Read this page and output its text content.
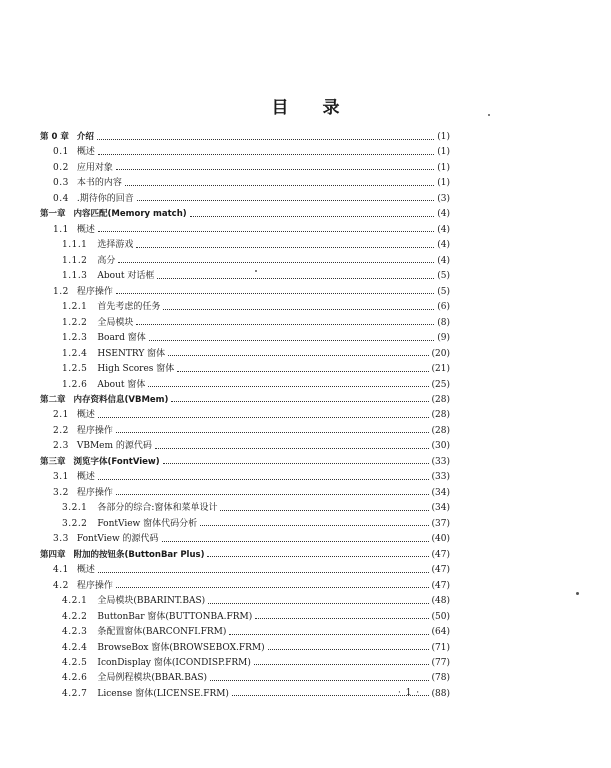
目 录
第 0 章 介绍	(1)
0.1 概述	(1)
0.2 应用对象	(1)
0.3 本书的内容	(1)
0.4 .期待你的回音	(3)
第一章 内容匹配(Memory match)	(4)
1.1 概述	(4)
1.1.1 选择游戏	(4)
1.1.2 高分	(4)
1.1.3 About 对话框	(5)
1.2 程序操作	(5)
1.2.1 首先考虑的任务	(6)
1.2.2 全局模块	(8)
1.2.3 Board 窗体	(9)
1.2.4 HSENTRY 窗体	(20)
1.2.5 High Scores 窗体	(21)
1.2.6 About 窗体	(25)
第二章 内存资料信息(VBMem)	(28)
2.1 概述	(28)
2.2 程序操作	(28)
2.3 VBMem 的源代码	(30)
第三章 浏览字体(FontView)	(33)
3.1 概述	(33)
3.2 程序操作	(34)
3.2.1 各部分的综合:窗体和菜单设计	(34)
3.2.2 FontView 窗体代码分析	(37)
3.3 FontView 的源代码	(40)
第四章 附加的按钮条(ButtonBar Plus)	(47)
4.1 概述	(47)
4.2 程序操作	(47)
4.2.1 全局模块(BBARINT.BAS)	(48)
4.2.2 ButtonBar 窗体(BUTTONBA.FRM)	(50)
4.2.3 条配置窗体(BARCONFI.FRM)	(64)
4.2.4 BrowseBox 窗体(BROWSEBOX.FRM)	(71)
4.2.5 IconDisplay 窗体(ICONDISP.FRM)	(77)
4.2.6 全局例程模块(BBAR.BAS)	(78)
4.2.7 License 窗体(LICENSE.FRM)	(88)
· 1 ·
